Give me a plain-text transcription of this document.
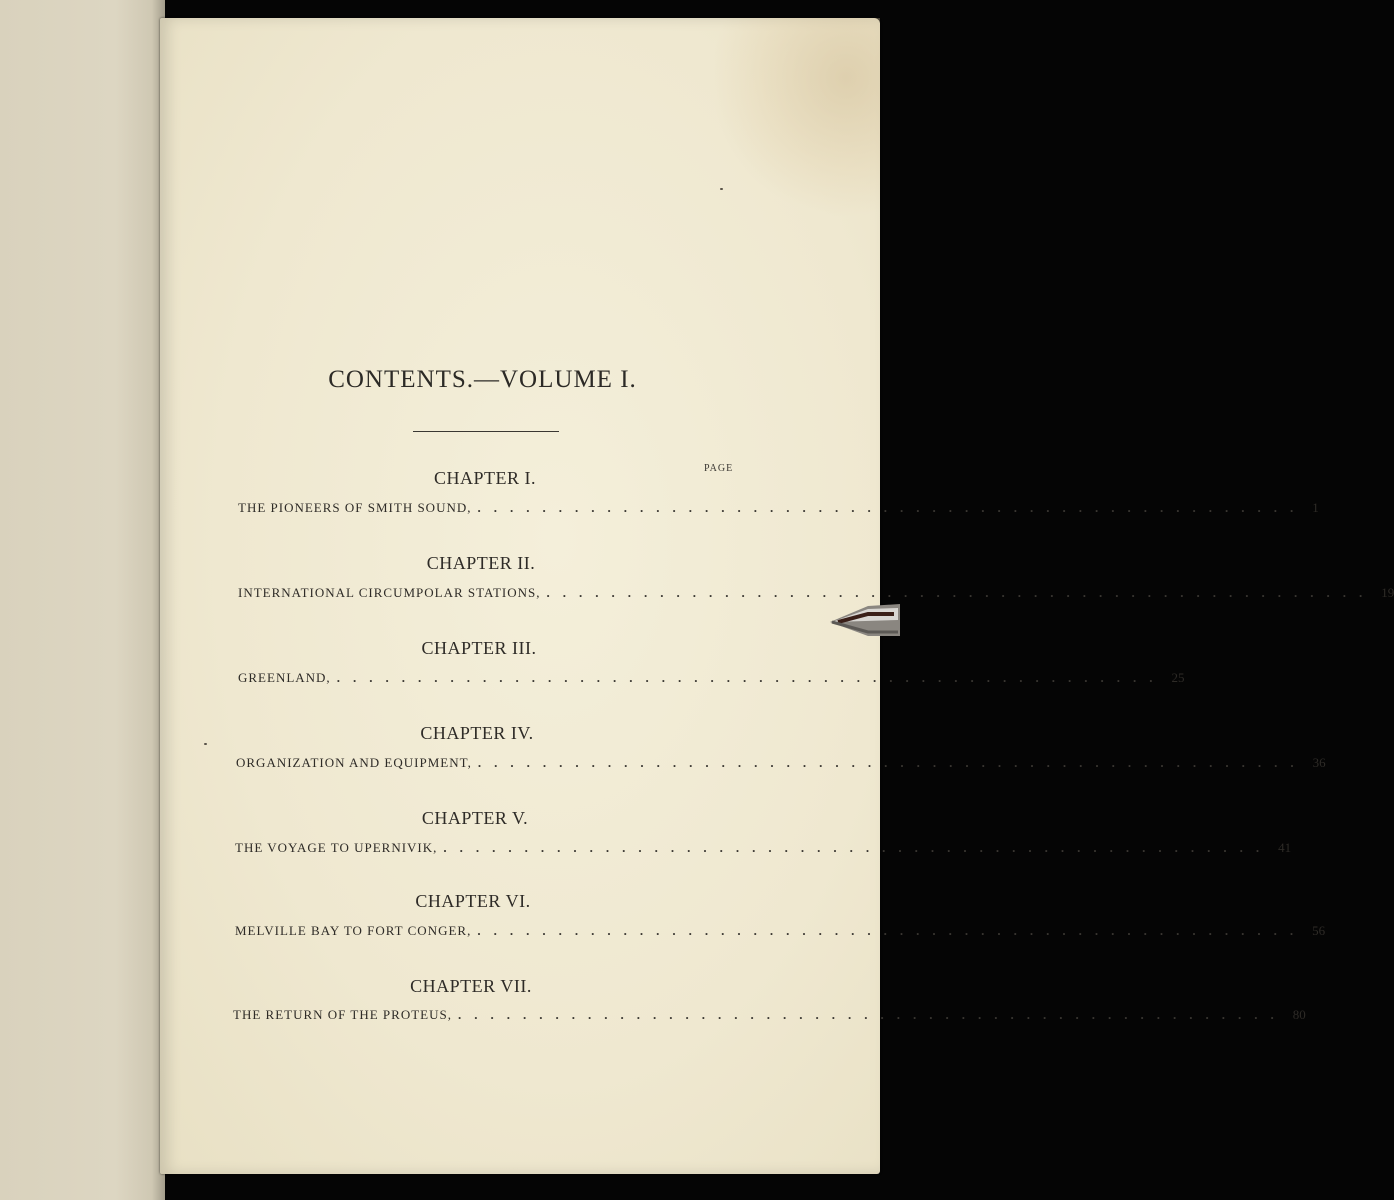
CONTENTS.—VOLUME I.
PAGE
CHAPTER I.
THE PIONEERS OF SMITH SOUND, ................................................... 1
CHAPTER II.
INTERNATIONAL CIRCUMPOLAR STATIONS, ................................................... 19
CHAPTER III.
GREENLAND, ................................................... 25
CHAPTER IV.
ORGANIZATION AND EQUIPMENT, ................................................... 36
CHAPTER V.
THE VOYAGE TO UPERNIVIK, ................................................... 41
CHAPTER VI.
MELVILLE BAY TO FORT CONGER, ................................................... 56
CHAPTER VII.
THE RETURN OF THE PROTEUS, ................................................... 80
